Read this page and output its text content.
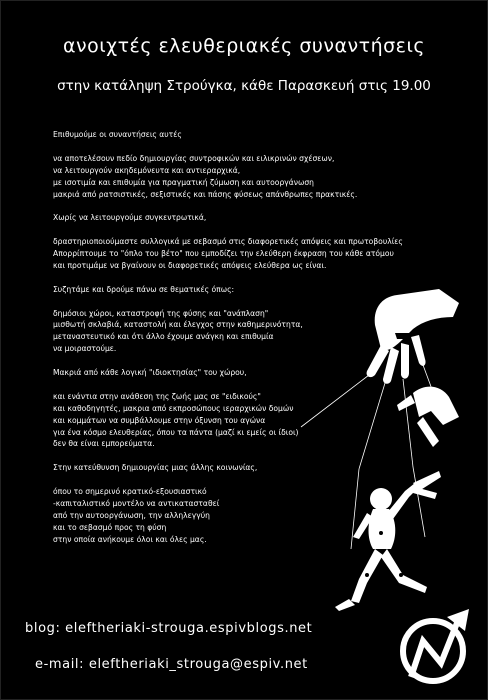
ανοιχτές ελευθεριακές συναντήσεις
στην κατάληψη Στρούγκα, κάθε Παρασκευή στις 19.00

Επιθυμούμε οι συναντήσεις αυτές

να αποτελέσουν πεδίο δημιουργίας συντροφικών και ειλικρινών σχέσεων,
να λειτουργούν ακηδεμόνευτα και αντιεραρχικά,
με ισοτιμία και επιθυμία για πραγματική ζύμωση και αυτοοργάνωση
μακριά από ρατσιστικές, σεξιστικές και πάσης φύσεως απάνθρωπες πρακτικές.

Χωρίς να λειτουργούμε συγκεντρωτικά,

δραστηριοποιούμαστε συλλογικά με σεβασμό στις διαφορετικές απόψεις και πρωτοβουλίες
Απορρίπτουμε το "όπλο του βέτο" που εμποδίζει την ελεύθερη έκφραση του κάθε ατόμου
και προτιμάμε να βγαίνουν οι διαφορετικές απόψεις ελεύθερα ως είναι.

Συζητάμε και δρούμε πάνω σε θεματικές όπως:

δημόσιοι χώροι, καταστροφή της φύσης και "ανάπλαση"
μισθωτή σκλαβιά, καταστολή και έλεγχος στην καθημερινότητα,
μεταναστευτικό και ότι άλλο έχουμε ανάγκη και επιθυμία
να μοιραστούμε.

Μακριά από κάθε λογική "ιδιοκτησίας" του χώρου,

και ενάντια στην ανάθεση της ζωής μας σε "ειδικούς"
και καθοδηγητές, μακρια από εκπροσώπους ιεραρχικών δομών
και κομμάτων να συμβάλλουμε στην όξυνση του αγώνα
για ένα κόσμο ελευθερίας, όπου τα πάντα (μαζί κι εμείς οι ίδιοι)
δεν θα είναι εμπορεύματα.

Στην κατεύθυνση δημιουργίας μιας άλλης κοινωνίας,

όπου το σημερινό κρατικό-εξουσιαστικό
-καπιταλιστικό μοντέλο να αντικατασταθεί
από την αυτοοργάνωση, την αλληλεγγύη
και το σεβασμό προς τη φύση
στην οποία ανήκουμε όλοι και όλες μας.

blog: eleftheriaki-strouga.espivblogs.net
e-mail: eleftheriaki_strouga@espiv.net
